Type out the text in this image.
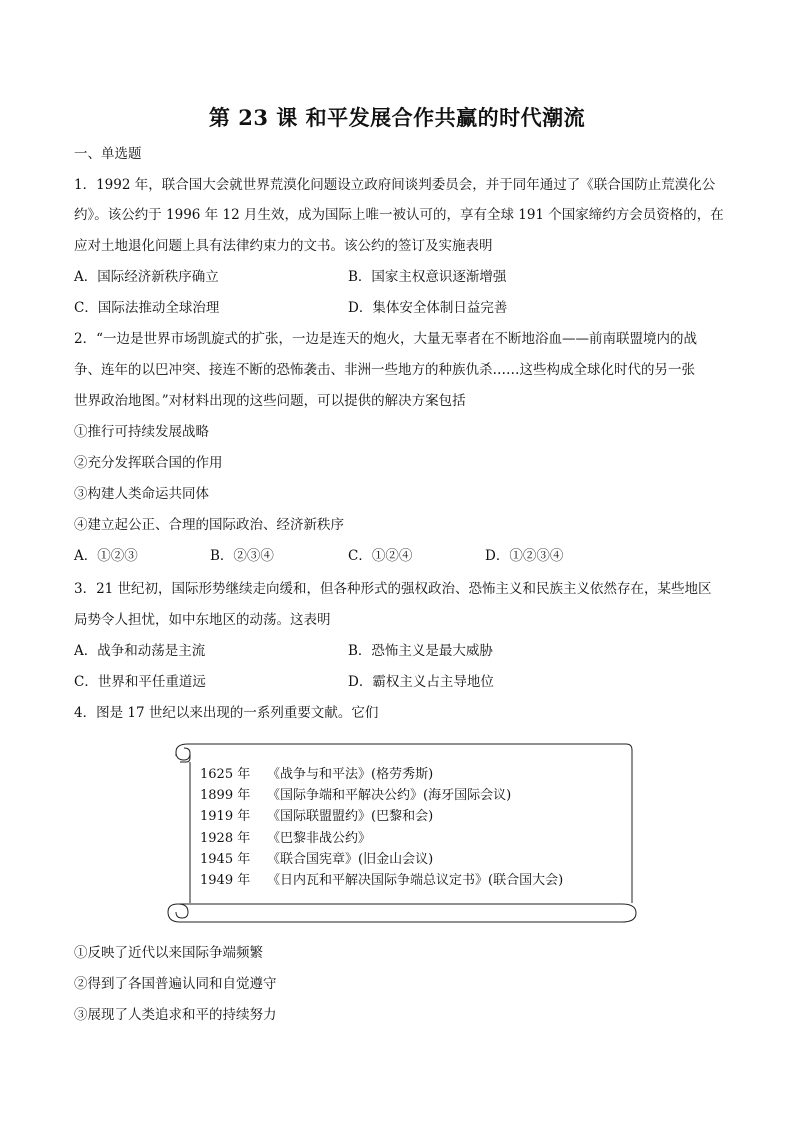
第 23 课 和平发展合作共赢的时代潮流
一、单选题
1．1992 年，联合国大会就世界荒漠化问题设立政府间谈判委员会，并于同年通过了《联合国防止荒漠化公
约》。该公约于 1996 年 12 月生效，成为国际上唯一被认可的，享有全球 191 个国家缔约方会员资格的，在
应对土地退化问题上具有法律约束力的文书。该公约的签订及实施表明
A．国际经济新秩序确立	B．国家主权意识逐渐增强
C．国际法推动全球治理	D．集体安全体制日益完善
2．“一边是世界市场凯旋式的扩张，一边是连天的炮火，大量无辜者在不断地浴血——前南联盟境内的战
争、连年的以巴冲突、接连不断的恐怖袭击、非洲一些地方的种族仇杀……这些构成全球化时代的另一张
世界政治地图。”对材料出现的这些问题，可以提供的解决方案包括
①推行可持续发展战略
②充分发挥联合国的作用
③构建人类命运共同体
④建立起公正、合理的国际政治、经济新秩序
A．①②③	B．②③④	C．①②④	D．①②③④
3．21 世纪初，国际形势继续走向缓和，但各种形式的强权政治、恐怖主义和民族主义依然存在，某些地区
局势令人担忧，如中东地区的动荡。这表明
A．战争和动荡是主流	B．恐怖主义是最大威胁
C．世界和平任重道远	D．霸权主义占主导地位
4．图是 17 世纪以来出现的一系列重要文献。它们
1625 年 《战争与和平法》(格劳秀斯)
1899 年 《国际争端和平解决公约》(海牙国际会议)
1919 年 《国际联盟盟约》(巴黎和会)
1928 年 《巴黎非战公约》
1945 年 《联合国宪章》(旧金山会议)
1949 年 《日内瓦和平解决国际争端总议定书》(联合国大会)
①反映了近代以来国际争端频繁
②得到了各国普遍认同和自觉遵守
③展现了人类追求和平的持续努力
